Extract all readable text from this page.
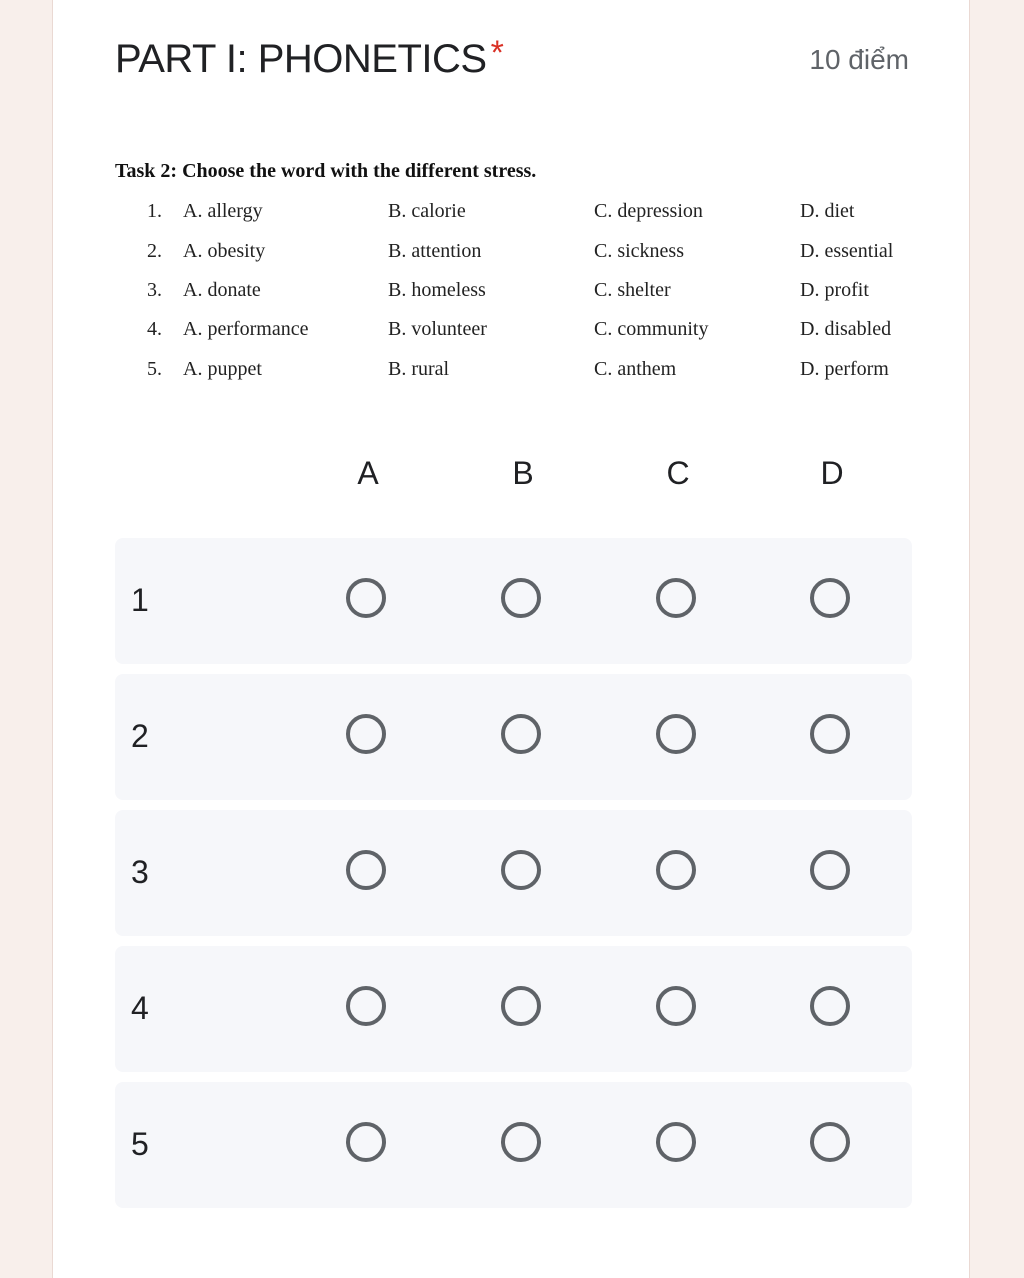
PART I: PHONETICS *	10 điểm
Task 2: Choose the word with the different stress.
1. A. allergy	B. calorie	C. depression	D. diet
2. A. obesity	B. attention	C. sickness	D. essential
3. A. donate	B. homeless	C. shelter	D. profit
4. A. performance	B. volunteer	C. community	D. disabled
5. A. puppet	B. rural	C. anthem	D. perform
A	B	C	D
1
2
3
4
5
